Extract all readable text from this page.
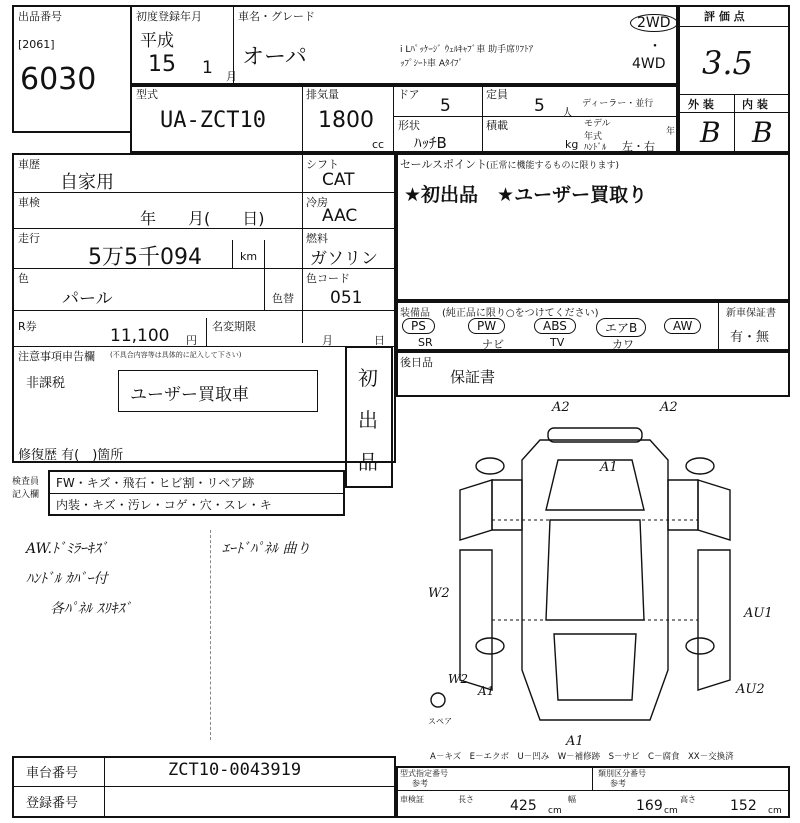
出品番号
[2061]
6030
初度登録年月
平成
15 1 月
車名・グレード
オーパ	i Lﾊﾟｯｹｰｼﾞ ｳｪﾙｷｬﾌﾞ車 助手席ﾘﾌﾄｱ
ｯﾌﾟｼｰﾄ車 Aﾀｲﾌﾟ
2WD
・
4WD
評 価 点
3.5
外 装	内 装
B B
型式
UA-ZCT10
排気量
1800
cc
ドア
5
定員
5 人
ディーラー・並行
形状
ﾊｯﾁB
積載
kg
モデル 年式	年
ﾊﾝﾄﾞﾙ 左・右
車歴
自家用
シフト
CAT
車検
年　　月(　　日)
冷房
AAC
走行
5万5千094	km
燃料
ガソリン
色
パール	色替
色コード
051
R券	11,100 円
名変期限
月	日
注意事項申告欄 (不具合内容等は具体的に記入して下さい)
非課税
ユーザー買取車
修復歴 有(　)箇所
初
出
品
検査員 記入欄
FW・キズ・飛石・ヒビ割・リペア跡
内装・キズ・汚レ・コゲ・穴・スレ・キ
AW.ﾄﾞﾐﾗｰｷｽﾞ
ﾊﾝﾄﾞﾙ ｶﾊﾞｰ付
各ﾊﾟﾈﾙ ｽﾘｷｽﾞ
ｴｰﾄﾞﾊﾟﾈﾙ 曲り
セールスポイント
(正常に機能するものに限ります)
★初出品　★ユーザー買取り
装備品 (純正品に限り○をつけてください)	新車保証書
有・無
PS	PW	ABS	エアB	AW
SR	ナビ	TV	カワ
後日品
保証書
A2	A2
A1
W2
AU1
W2
A1	AU2
A1
スペア
A－キズ　E－エクボ　U－凹み　W－補修跡　S－サビ　C－腐食　XX－交換済
車台番号	ZCT10-0043919
登録番号
型式指定番号
参考
類別区分番号
参考
車検証	長さ	425 cm
幅	169 cm
高さ 152 cm
